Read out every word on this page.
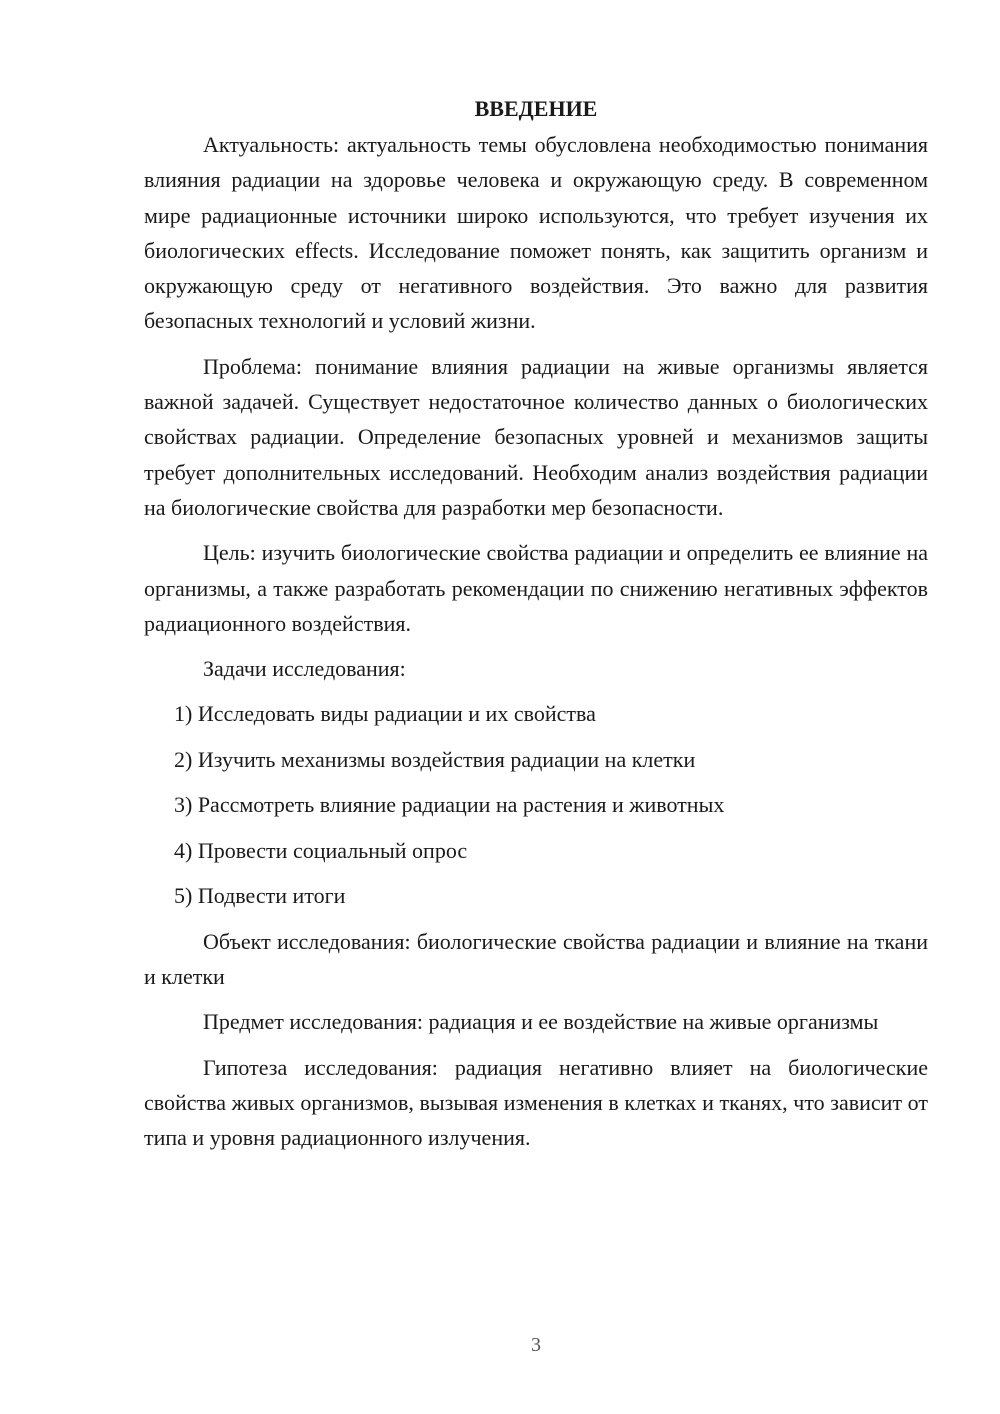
ВВЕДЕНИЕ

Актуальность: актуальность темы обусловлена необходимостью понимания влияния радиации на здоровье человека и окружающую среду. В современном мире радиационные источники широко используются, что требует изучения их биологических effects. Исследование поможет понять, как защитить организм и окружающую среду от негативного воздействия. Это важно для развития безопасных технологий и условий жизни.

Проблема: понимание влияния радиации на живые организмы является важной задачей. Существует недостаточное количество данных о биологических свойствах радиации. Определение безопасных уровней и механизмов защиты требует дополнительных исследований. Необходим анализ воздействия радиации на биологические свойства для разработки мер безопасности.

Цель: изучить биологические свойства радиации и определить ее влияние на организмы, а также разработать рекомендации по снижению негативных эффектов радиационного воздействия.

Задачи исследования:
1) Исследовать виды радиации и их свойства
2) Изучить механизмы воздействия радиации на клетки
3) Рассмотреть влияние радиации на растения и животных
4) Провести социальный опрос
5) Подвести итоги

Объект исследования: биологические свойства радиации и влияние на ткани и клетки

Предмет исследования: радиация и ее воздействие на живые организмы

Гипотеза исследования: радиация негативно влияет на биологические свойства живых организмов, вызывая изменения в клетках и тканях, что зависит от типа и уровня радиационного излучения.

3
